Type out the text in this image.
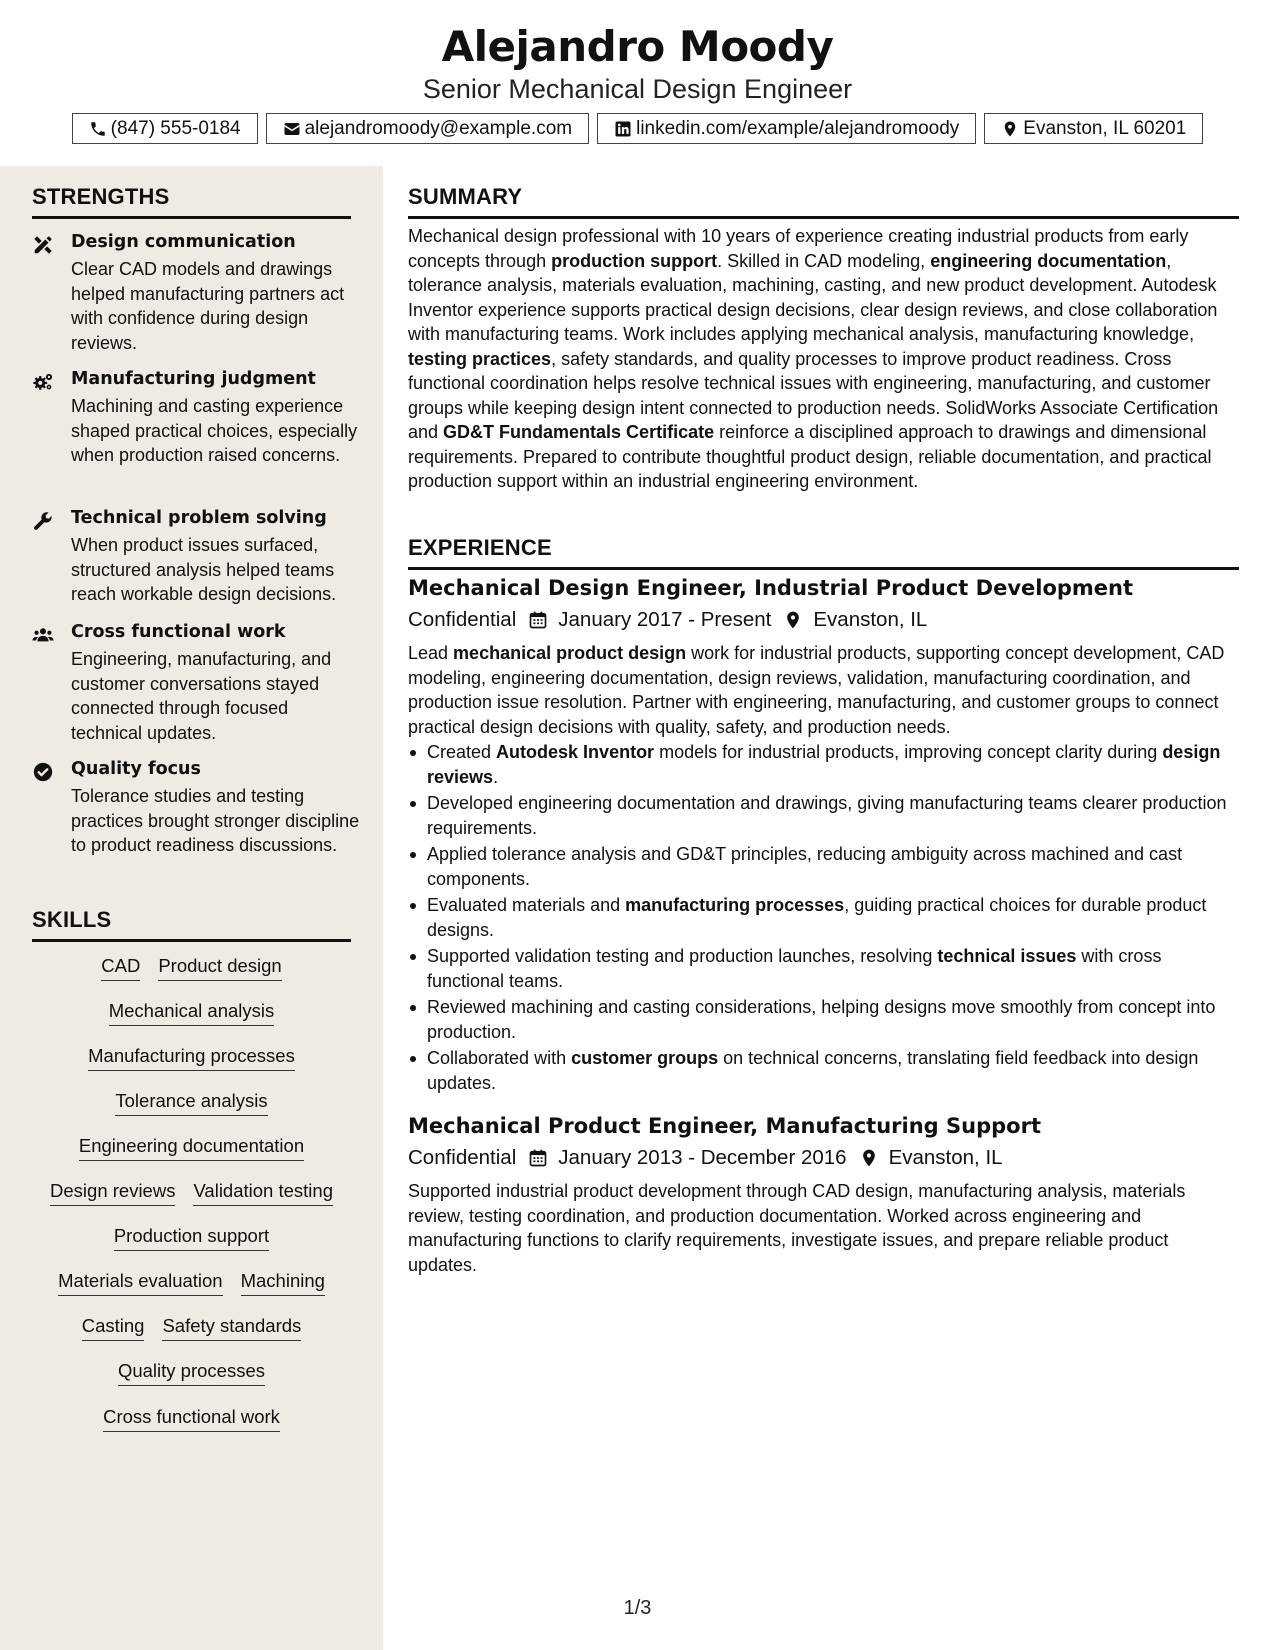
Alejandro Moody
Senior Mechanical Design Engineer
(847) 555-0184	alejandromoody@example.com	linkedin.com/example/alejandromoody	Evanston, IL 60201
STRENGTHS
Design communication
Clear CAD models and drawings helped manufacturing partners act with confidence during design reviews.
Manufacturing judgment
Machining and casting experience shaped practical choices, especially when production raised concerns.
Technical problem solving
When product issues surfaced, structured analysis helped teams reach workable design decisions.
Cross functional work
Engineering, manufacturing, and customer conversations stayed connected through focused technical updates.
Quality focus
Tolerance studies and testing practices brought stronger discipline to product readiness discussions.
SKILLS
CAD Product design
Mechanical analysis
Manufacturing processes
Tolerance analysis
Engineering documentation
Design reviews Validation testing
Production support
Materials evaluation Machining
Casting Safety standards
Quality processes
Cross functional work
SUMMARY
Mechanical design professional with 10 years of experience creating industrial products from early concepts through production support. Skilled in CAD modeling, engineering documentation, tolerance analysis, materials evaluation, machining, casting, and new product development. Autodesk Inventor experience supports practical design decisions, clear design reviews, and close collaboration with manufacturing teams. Work includes applying mechanical analysis, manufacturing knowledge, testing practices, safety standards, and quality processes to improve product readiness. Cross functional coordination helps resolve technical issues with engineering, manufacturing, and customer groups while keeping design intent connected to production needs. SolidWorks Associate Certification and GD&T Fundamentals Certificate reinforce a disciplined approach to drawings and dimensional requirements. Prepared to contribute thoughtful product design, reliable documentation, and practical production support within an industrial engineering environment.
EXPERIENCE
Mechanical Design Engineer, Industrial Product Development
Confidential January 2017 - Present Evanston, IL
Lead mechanical product design work for industrial products, supporting concept development, CAD modeling, engineering documentation, design reviews, validation, manufacturing coordination, and production issue resolution. Partner with engineering, manufacturing, and customer groups to connect practical design decisions with quality, safety, and production needs.
Created Autodesk Inventor models for industrial products, improving concept clarity during design reviews.
Developed engineering documentation and drawings, giving manufacturing teams clearer production requirements.
Applied tolerance analysis and GD&T principles, reducing ambiguity across machined and cast components.
Evaluated materials and manufacturing processes, guiding practical choices for durable product designs.
Supported validation testing and production launches, resolving technical issues with cross functional teams.
Reviewed machining and casting considerations, helping designs move smoothly from concept into production.
Collaborated with customer groups on technical concerns, translating field feedback into design updates.
Mechanical Product Engineer, Manufacturing Support
Confidential January 2013 - December 2016 Evanston, IL
Supported industrial product development through CAD design, manufacturing analysis, materials review, testing coordination, and production documentation. Worked across engineering and manufacturing functions to clarify requirements, investigate issues, and prepare reliable product updates.
1/3
